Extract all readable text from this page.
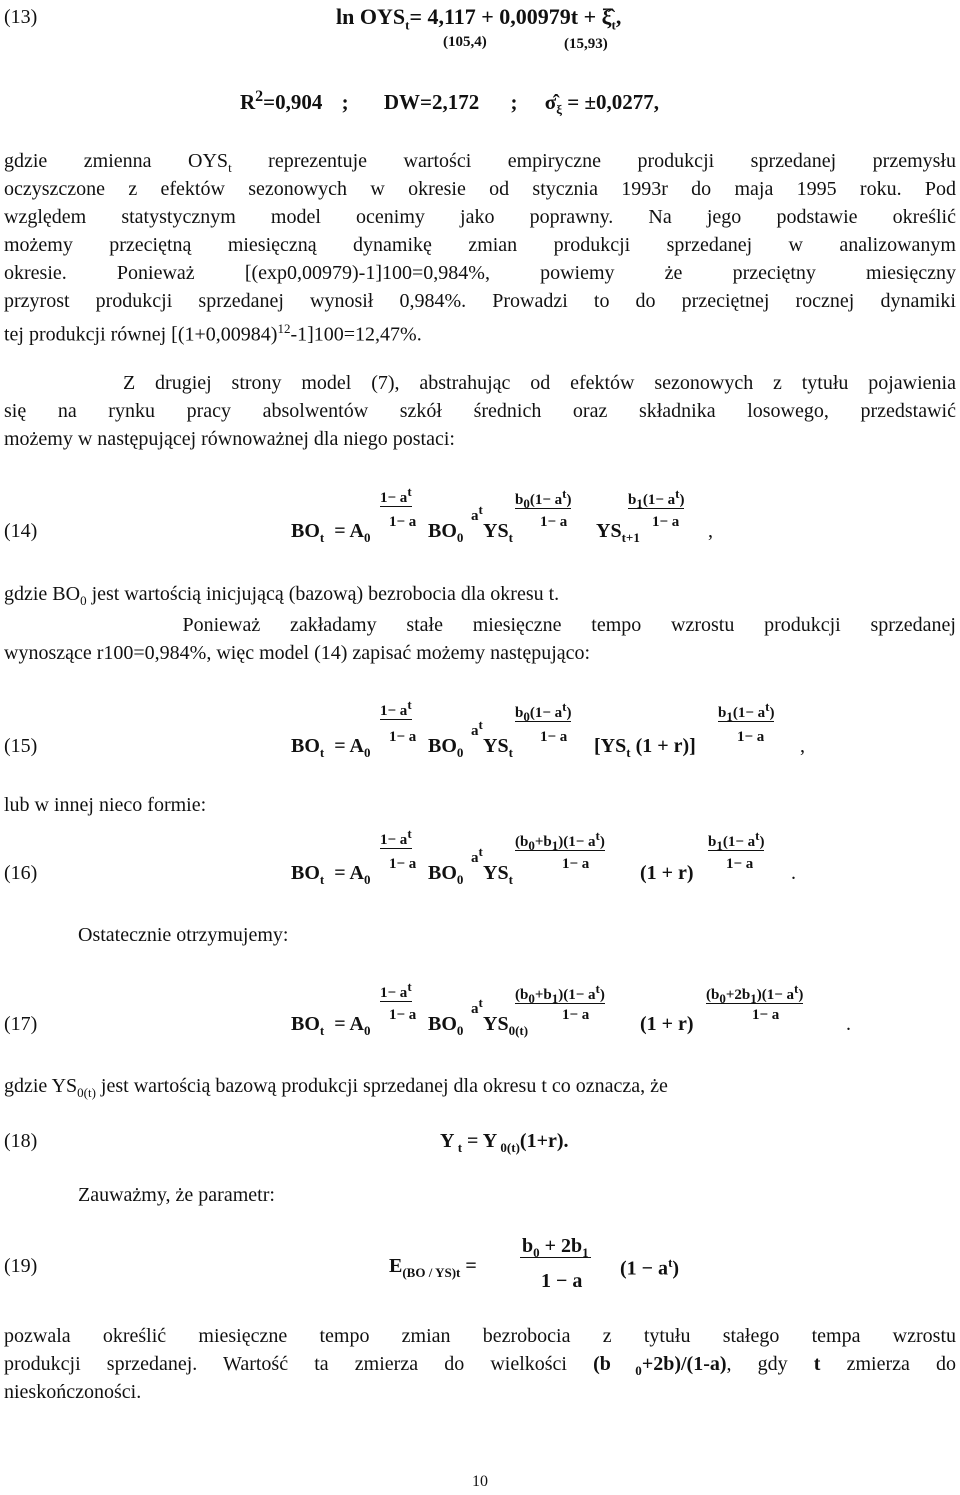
(13)	$\ln OYS_t= 4,117 + 0,00979t$ + $\xî_t$,
(105,4)	(15,93)
$R^2=0,904$ ; DW=2,172 ; $\sigmâ_\xi = \pm 0,0277$,
gdzie zmienna $OYS_t$ reprezentuje wartości empiryczne produkcji sprzedanej przemysłu
oczyszczone z efektów sezonowych w okresie od stycznia 1993r do maja 1995 roku. Pod
względem statystycznym model ocenimy jako poprawny. Na jego podstawie określić
możemy przeciętną miesięczną dynamikę zmian produkcji sprzedanej w analizowanym
okresie. Ponieważ [(exp0,00979)-1]100=0,984%, powiemy że przeciętny miesięczny
przyrost produkcji sprzedanej wynosił 0,984%. Prowadzi to do przeciętnej rocznej dynamiki
tej produkcji równej $[(1+0,00984)^{12}-1]100=12,47\%$.
Z drugiej strony model (7), abstrahując od efektów sezonowych z tytułu pojawienia
się na rynku pracy absolwentów szkół średnich oraz składnika losowego, przedstawić
możemy w następującej równoważnej dla niego postaci:
(14)
$1- a^t$
$b_0(1- a^t)$	$b_1(1- a^t)$
$BO_t = A_0$
1− a $BO_0$
$a^t$
$YS_t$
1− a $YS_{t+1}$
1− a ,
gdzie $BO_0$ jest wartością inicjującą (bazową) bezrobocia dla okresu t.
Ponieważ zakładamy stałe miesięczne tempo wzrostu produkcji sprzedanej
wynoszące r100=0,984%, więc model (14) zapisać możemy następująco:
(15)
$1- a^t$
$b_0(1- a^t)$	$b_1(1- a^t)$
$BO_t = A_0$
1− a $BO_0$
$a^t$
$YS_t$
1− a [$YS_t$ (1 + r)]	1− a ,
lub w innej nieco formie:
(16)
$1- a^t$
$(b_0+b_1)(1- a^t)$	$b_1(1- a^t)$
$BO_t = A_0$
1− a $BO_0$
$a^t$
$YS_t$
1− a	(1 + r) 1− a .
Ostatecznie otrzymujemy:
(17)
$1- a^t$
$(b_0+b_1)(1- a^t)$	$(b_0+2b_1)(1- a^t)$
$BO_t = A_0$
1− a $BO_0$
$a^t$
$YS_{0(t)}$
1− a	(1 + r)	1− a	.
gdzie $YS_{0(t)}$ jest wartością bazową produkcji sprzedanej dla okresu t co oznacza, że
(18)	Y $_t$ = Y $_{0(t)}$(1+r).
Zauważmy, że parametr:
(19)	$E_{(BO / YS)t}$ =
$b_0 + 2b_1$
1 − a
$(1 - a^t)$
pozwala określić miesięczne tempo zmian bezrobocia z tytułu stałego tempa wzrostu
produkcji sprzedanej. Wartość ta zmierza do wielkości (b $_0$+2b)/(1-a), gdy t zmierza do
nieskończoności.
10
